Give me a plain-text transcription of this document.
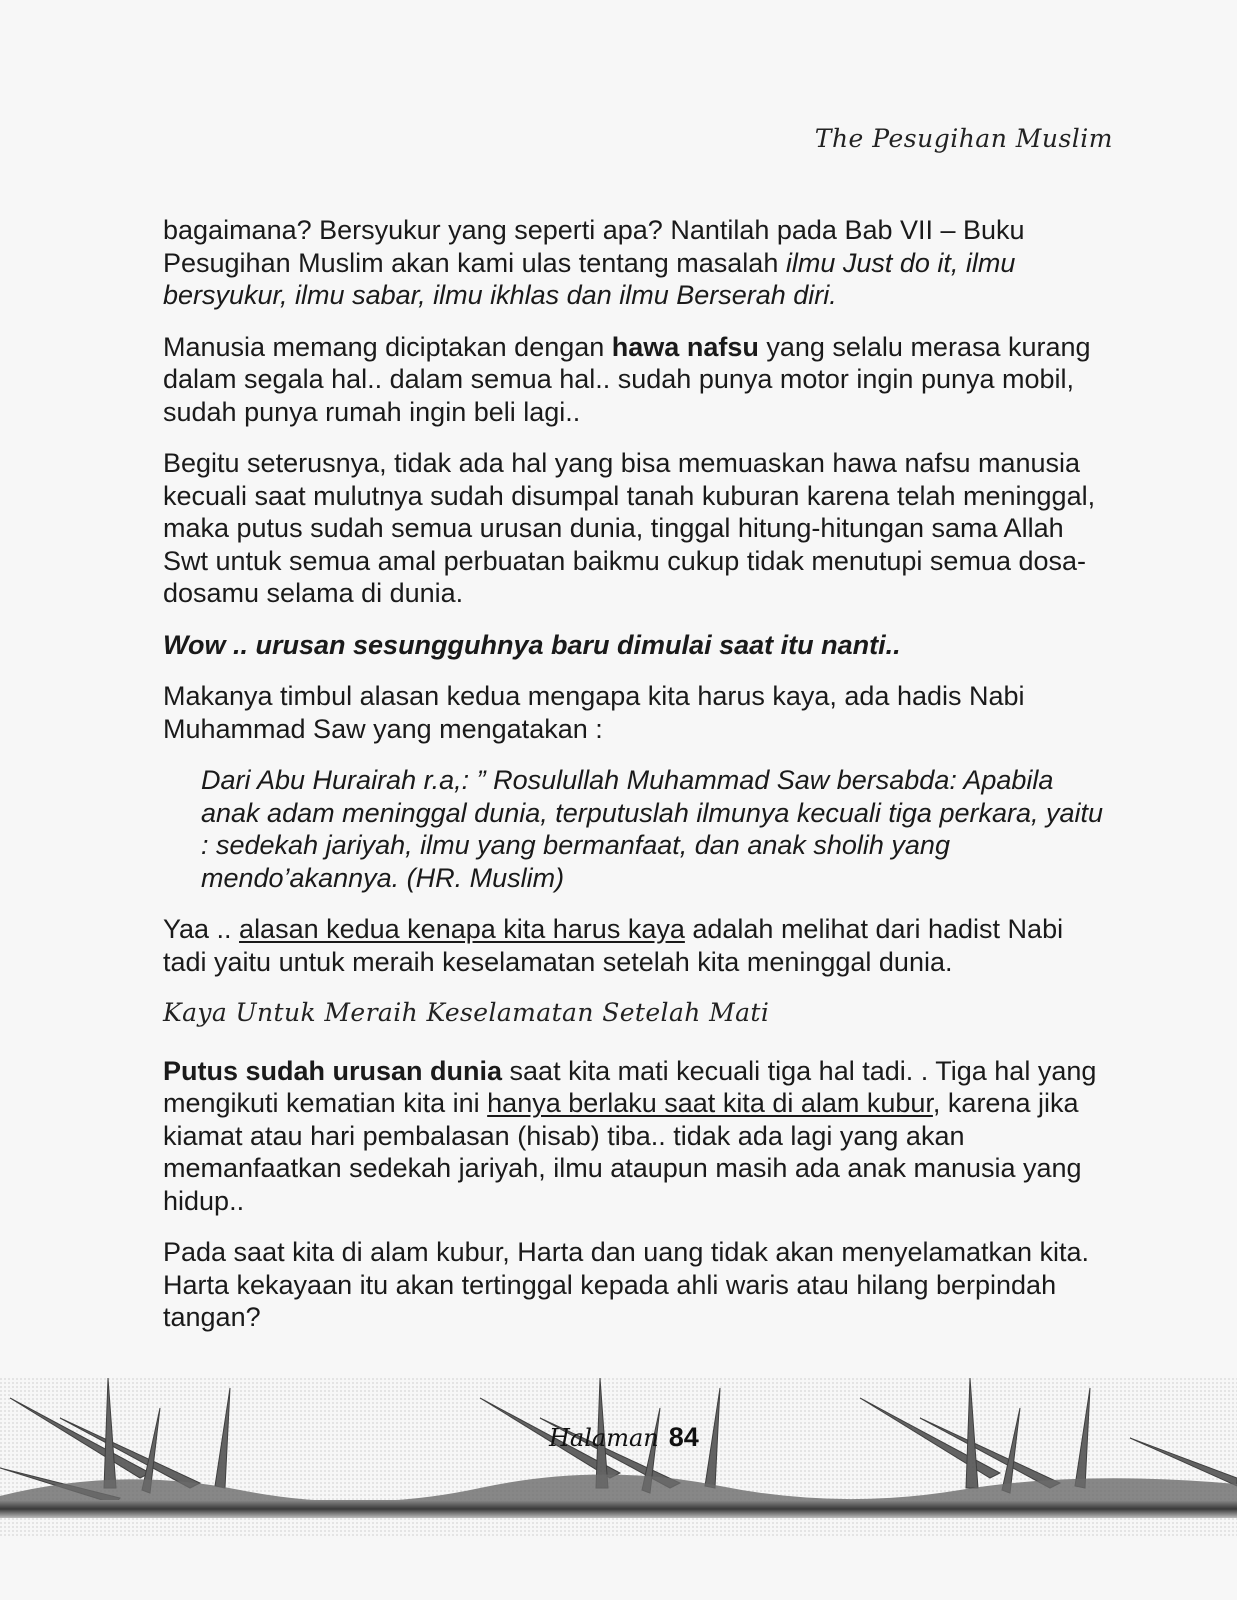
The Pesugihan Muslim

bagaimana? Bersyukur yang seperti apa? Nantilah pada Bab VII – Buku Pesugihan Muslim akan kami ulas tentang masalah ilmu Just do it, ilmu bersyukur, ilmu sabar, ilmu ikhlas dan ilmu Berserah diri.

Manusia memang diciptakan dengan hawa nafsu yang selalu merasa kurang dalam segala hal.. dalam semua hal.. sudah punya motor ingin punya mobil, sudah punya rumah ingin beli lagi..

Begitu seterusnya, tidak ada hal yang bisa memuaskan hawa nafsu manusia kecuali saat mulutnya sudah disumpal tanah kuburan karena telah meninggal, maka putus sudah semua urusan dunia, tinggal hitung-hitungan sama Allah Swt untuk semua amal perbuatan baikmu cukup tidak menutupi semua dosa-dosamu selama di dunia.

Wow .. urusan sesungguhnya baru dimulai saat itu nanti..

Makanya timbul alasan kedua mengapa kita harus kaya, ada hadis Nabi Muhammad Saw yang mengatakan :

Dari Abu Hurairah r.a,: ” Rosulullah Muhammad Saw bersabda: Apabila anak adam meninggal dunia, terputuslah ilmunya kecuali tiga perkara, yaitu : sedekah jariyah, ilmu yang bermanfaat, dan anak sholih yang mendo’akannya. (HR. Muslim)

Yaa .. alasan kedua kenapa kita harus kaya adalah melihat dari hadist Nabi tadi yaitu untuk meraih keselamatan setelah kita meninggal dunia.

Kaya Untuk Meraih Keselamatan Setelah Mati

Putus sudah urusan dunia saat kita mati kecuali tiga hal tadi. . Tiga hal yang mengikuti kematian kita ini hanya berlaku saat kita di alam kubur, karena jika kiamat atau hari pembalasan (hisab) tiba.. tidak ada lagi yang akan memanfaatkan sedekah jariyah, ilmu ataupun masih ada anak manusia yang hidup..

Pada saat kita di alam kubur, Harta dan uang tidak akan menyelamatkan kita. Harta kekayaan itu akan tertinggal kepada ahli waris atau hilang berpindah tangan?

Halaman 84
